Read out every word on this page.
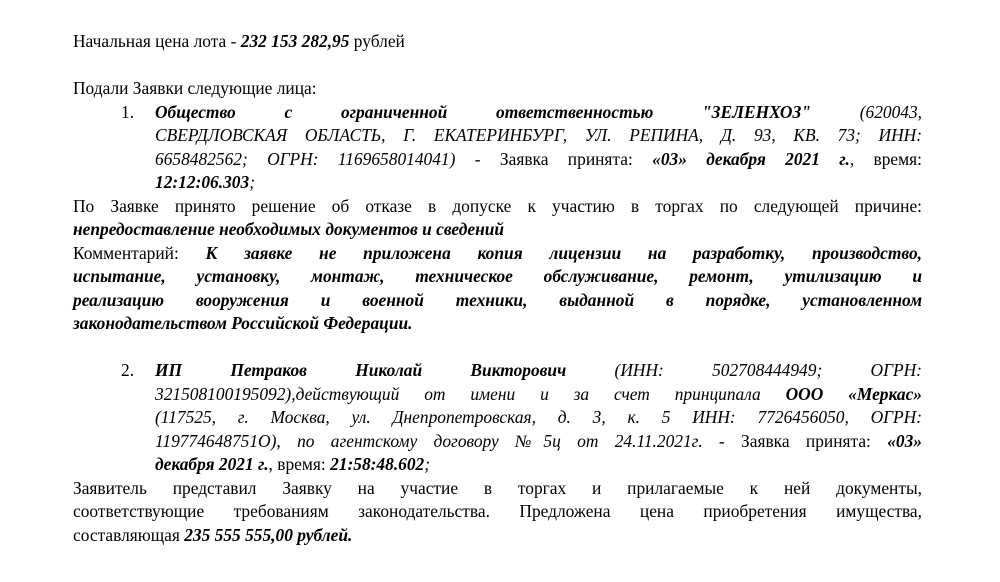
Начальная цена лота - 232 153 282,95 рублей
Подали Заявки следующие лица:
1. Общество	с	ограниченной	ответственностью	"ЗЕЛЕНХОЗ"	(620043,
СВЕРДЛОВСКАЯ ОБЛАСТЬ, Г. ЕКАТЕРИНБУРГ, УЛ. РЕПИНА, Д. 93, КВ. 73; ИНН:
6658482562; ОГРН: 1169658014041) - Заявка принята: «03» декабря 2021 г., время:
12:12:06.303;
По Заявке принято решение об отказе в допуске к участию в торгах по следующей причине:
непредоставление необходимых документов и сведений
Комментарий: К заявке не приложена копия лицензии на разработку, производство,
испытание, установку, монтаж, техническое обслуживание, ремонт, утилизацию и
реализацию вооружения и военной техники, выданной в порядке, установленном
законодательством Российской Федерации.
2. ИП	Петраков	Николай	Викторович	(ИНН:	502708444949;	ОГРН:
321508100195092),действующий от имени и за счет принципала ООО «Меркас»
(117525, г. Москва, ул. Днепропетровская, д. 3, к. 5 ИНН: 7726456050, ОГРН:
119774648751О), по агентскому договору №5ц от 24.11.2021г. - Заявка принята: «03»
декабря 2021 г., время: 21:58:48.602;
Заявитель представил Заявку на участие в торгах и прилагаемые к ней документы,
соответствующие требованиям законодательства. Предложена цена приобретения имущества,
составляющая 235 555 555,00 рублей.
